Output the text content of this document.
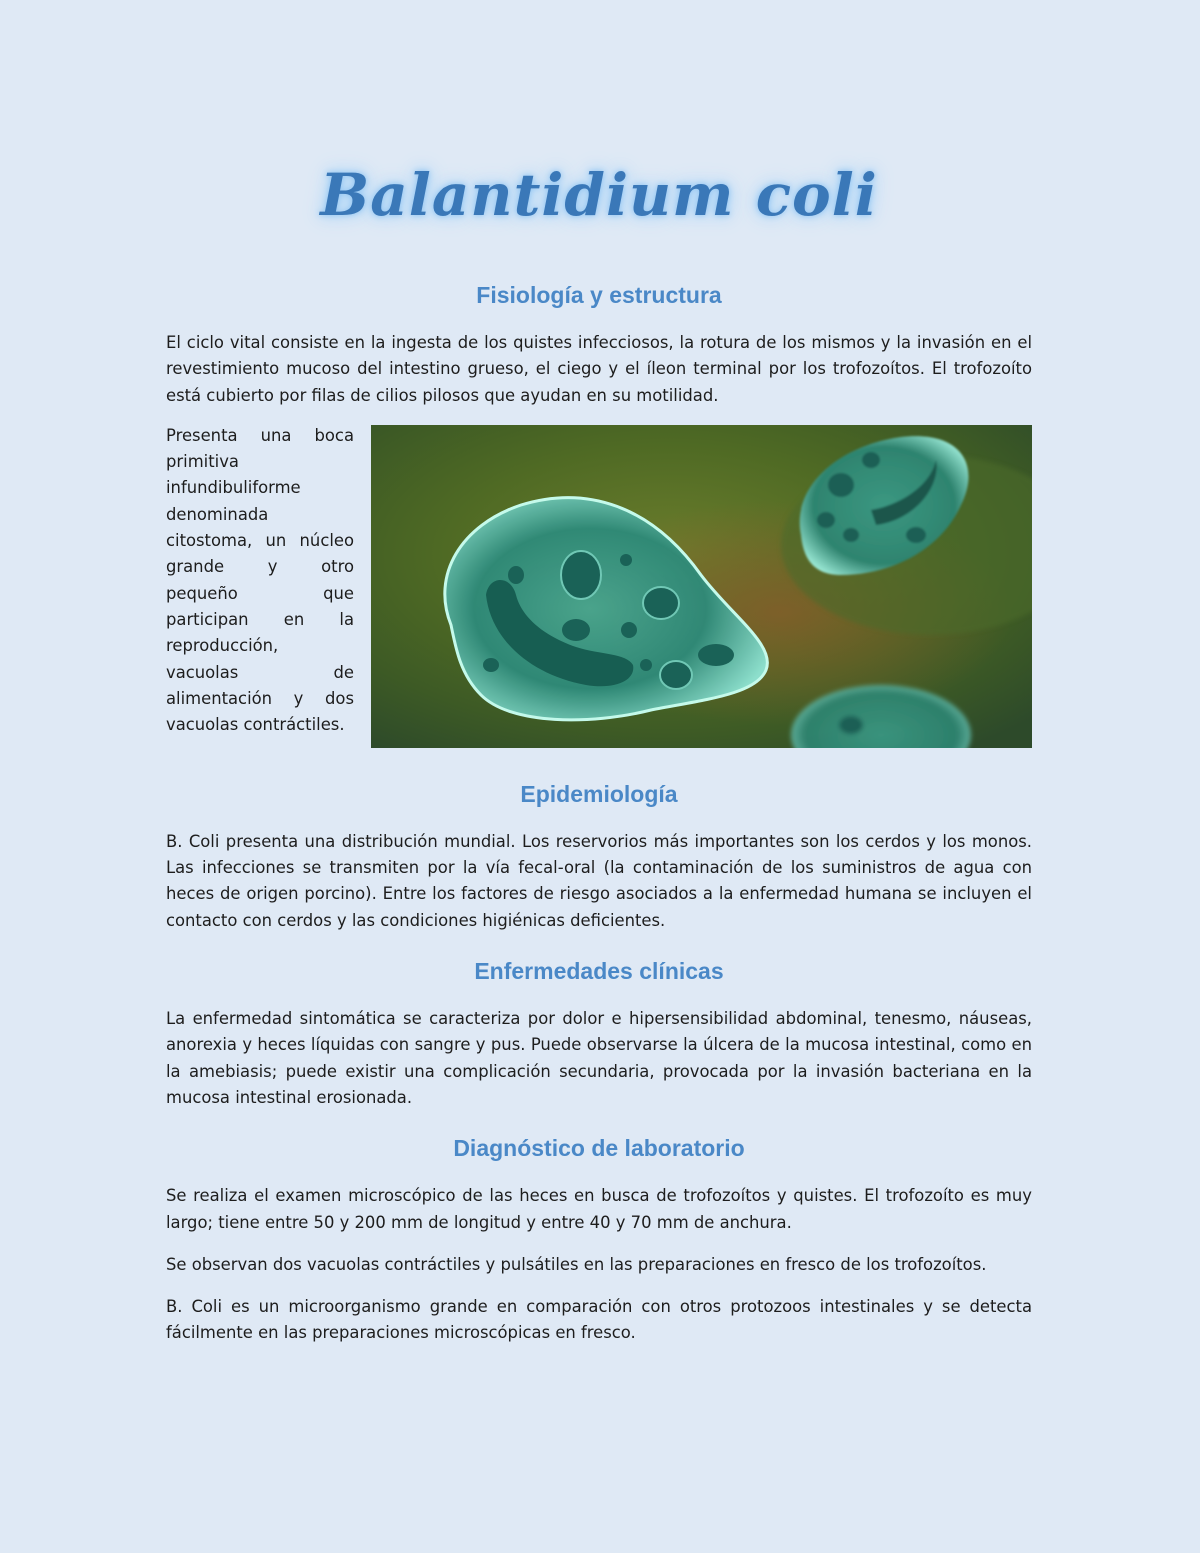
Balantidium coli
Fisiología y estructura

El ciclo vital consiste en la ingesta de los quistes infecciosos, la rotura de los mismos y la invasión en el revestimiento mucoso del intestino grueso, el ciego y el íleon terminal por los trofozoítos. El trofozoíto está cubierto por filas de cilios pilosos que ayudan en su motilidad.

Presenta una boca primitiva infundibuliforme denominada citostoma, un núcleo grande y otro pequeño que participan en la reproducción, vacuolas de alimentación y dos vacuolas contráctiles.

Epidemiología

B. Coli presenta una distribución mundial. Los reservorios más importantes son los cerdos y los monos. Las infecciones se transmiten por la vía fecal-oral (la contaminación de los suministros de agua con heces de origen porcino). Entre los factores de riesgo asociados a la enfermedad humana se incluyen el contacto con cerdos y las condiciones higiénicas deficientes.

Enfermedades clínicas

La enfermedad sintomática se caracteriza por dolor e hipersensibilidad abdominal, tenesmo, náuseas, anorexia y heces líquidas con sangre y pus. Puede observarse la úlcera de la mucosa intestinal, como en la amebiasis; puede existir una complicación secundaria, provocada por la invasión bacteriana en la mucosa intestinal erosionada.

Diagnóstico de laboratorio

Se realiza el examen microscópico de las heces en busca de trofozoítos y quistes. El trofozoíto es muy largo; tiene entre 50 y 200 mm de longitud y entre 40 y 70 mm de anchura.

Se observan dos vacuolas contráctiles y pulsátiles en las preparaciones en fresco de los trofozoítos.

B. Coli es un microorganismo grande en comparación con otros protozoos intestinales y se detecta fácilmente en las preparaciones microscópicas en fresco.
